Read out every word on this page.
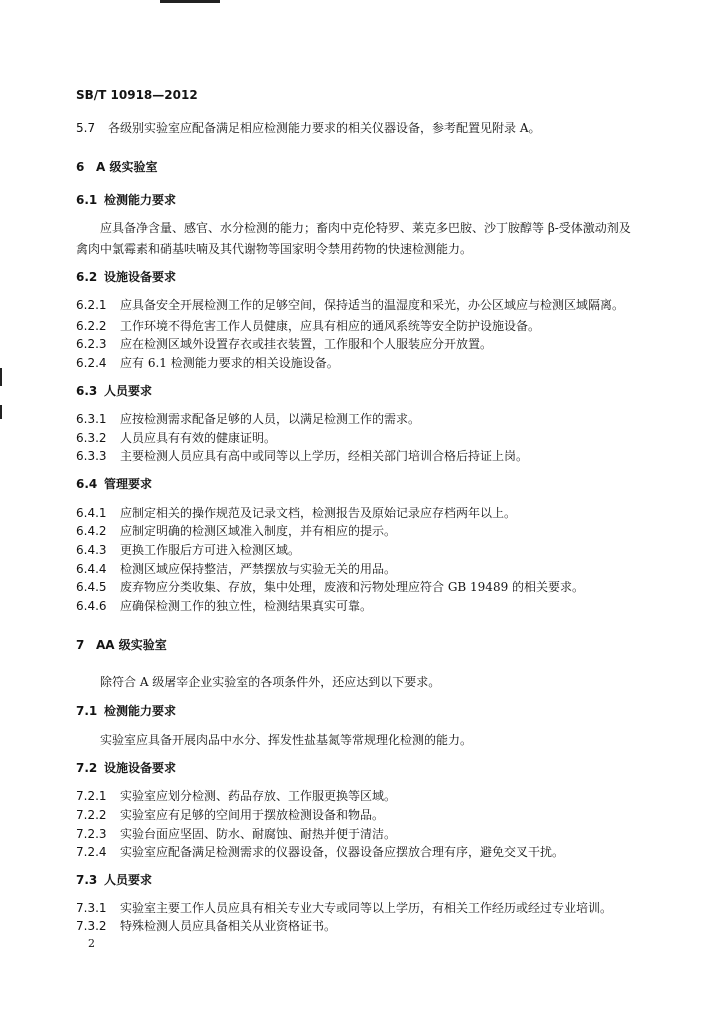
SB/T 10918—2012
5.7 各级别实验室应配备满足相应检测能力要求的相关仪器设备，参考配置见附录 A。
6 A 级实验室
6.1 检测能力要求
应具备净含量、感官、水分检测的能力；畜肉中克伦特罗、莱克多巴胺、沙丁胺醇等 β-受体激动剂及
禽肉中氯霉素和硝基呋喃及其代谢物等国家明令禁用药物的快速检测能力。
6.2 设施设备要求
6.2.1 应具备安全开展检测工作的足够空间，保持适当的温湿度和采光，办公区域应与检测区域隔离。
6.2.2 工作环境不得危害工作人员健康，应具有相应的通风系统等安全防护设施设备。
6.2.3 应在检测区域外设置存衣或挂衣装置，工作服和个人服装应分开放置。
6.2.4 应有 6.1 检测能力要求的相关设施设备。
6.3 人员要求
6.3.1 应按检测需求配备足够的人员，以满足检测工作的需求。
6.3.2 人员应具有有效的健康证明。
6.3.3 主要检测人员应具有高中或同等以上学历，经相关部门培训合格后持证上岗。
6.4 管理要求
6.4.1 应制定相关的操作规范及记录文档，检测报告及原始记录应存档两年以上。
6.4.2 应制定明确的检测区域准入制度，并有相应的提示。
6.4.3 更换工作服后方可进入检测区域。
6.4.4 检测区域应保持整洁，严禁摆放与实验无关的用品。
6.4.5 废弃物应分类收集、存放，集中处理，废液和污物处理应符合 GB 19489 的相关要求。
6.4.6 应确保检测工作的独立性，检测结果真实可靠。
7 AA 级实验室
除符合 A 级屠宰企业实验室的各项条件外，还应达到以下要求。
7.1 检测能力要求
实验室应具备开展肉品中水分、挥发性盐基氮等常规理化检测的能力。
7.2 设施设备要求
7.2.1 实验室应划分检测、药品存放、工作服更换等区域。
7.2.2 实验室应有足够的空间用于摆放检测设备和物品。
7.2.3 实验台面应坚固、防水、耐腐蚀、耐热并便于清洁。
7.2.4 实验室应配备满足检测需求的仪器设备，仪器设备应摆放合理有序，避免交叉干扰。
7.3 人员要求
7.3.1 实验室主要工作人员应具有相关专业大专或同等以上学历，有相关工作经历或经过专业培训。
7.3.2 特殊检测人员应具备相关从业资格证书。
2
